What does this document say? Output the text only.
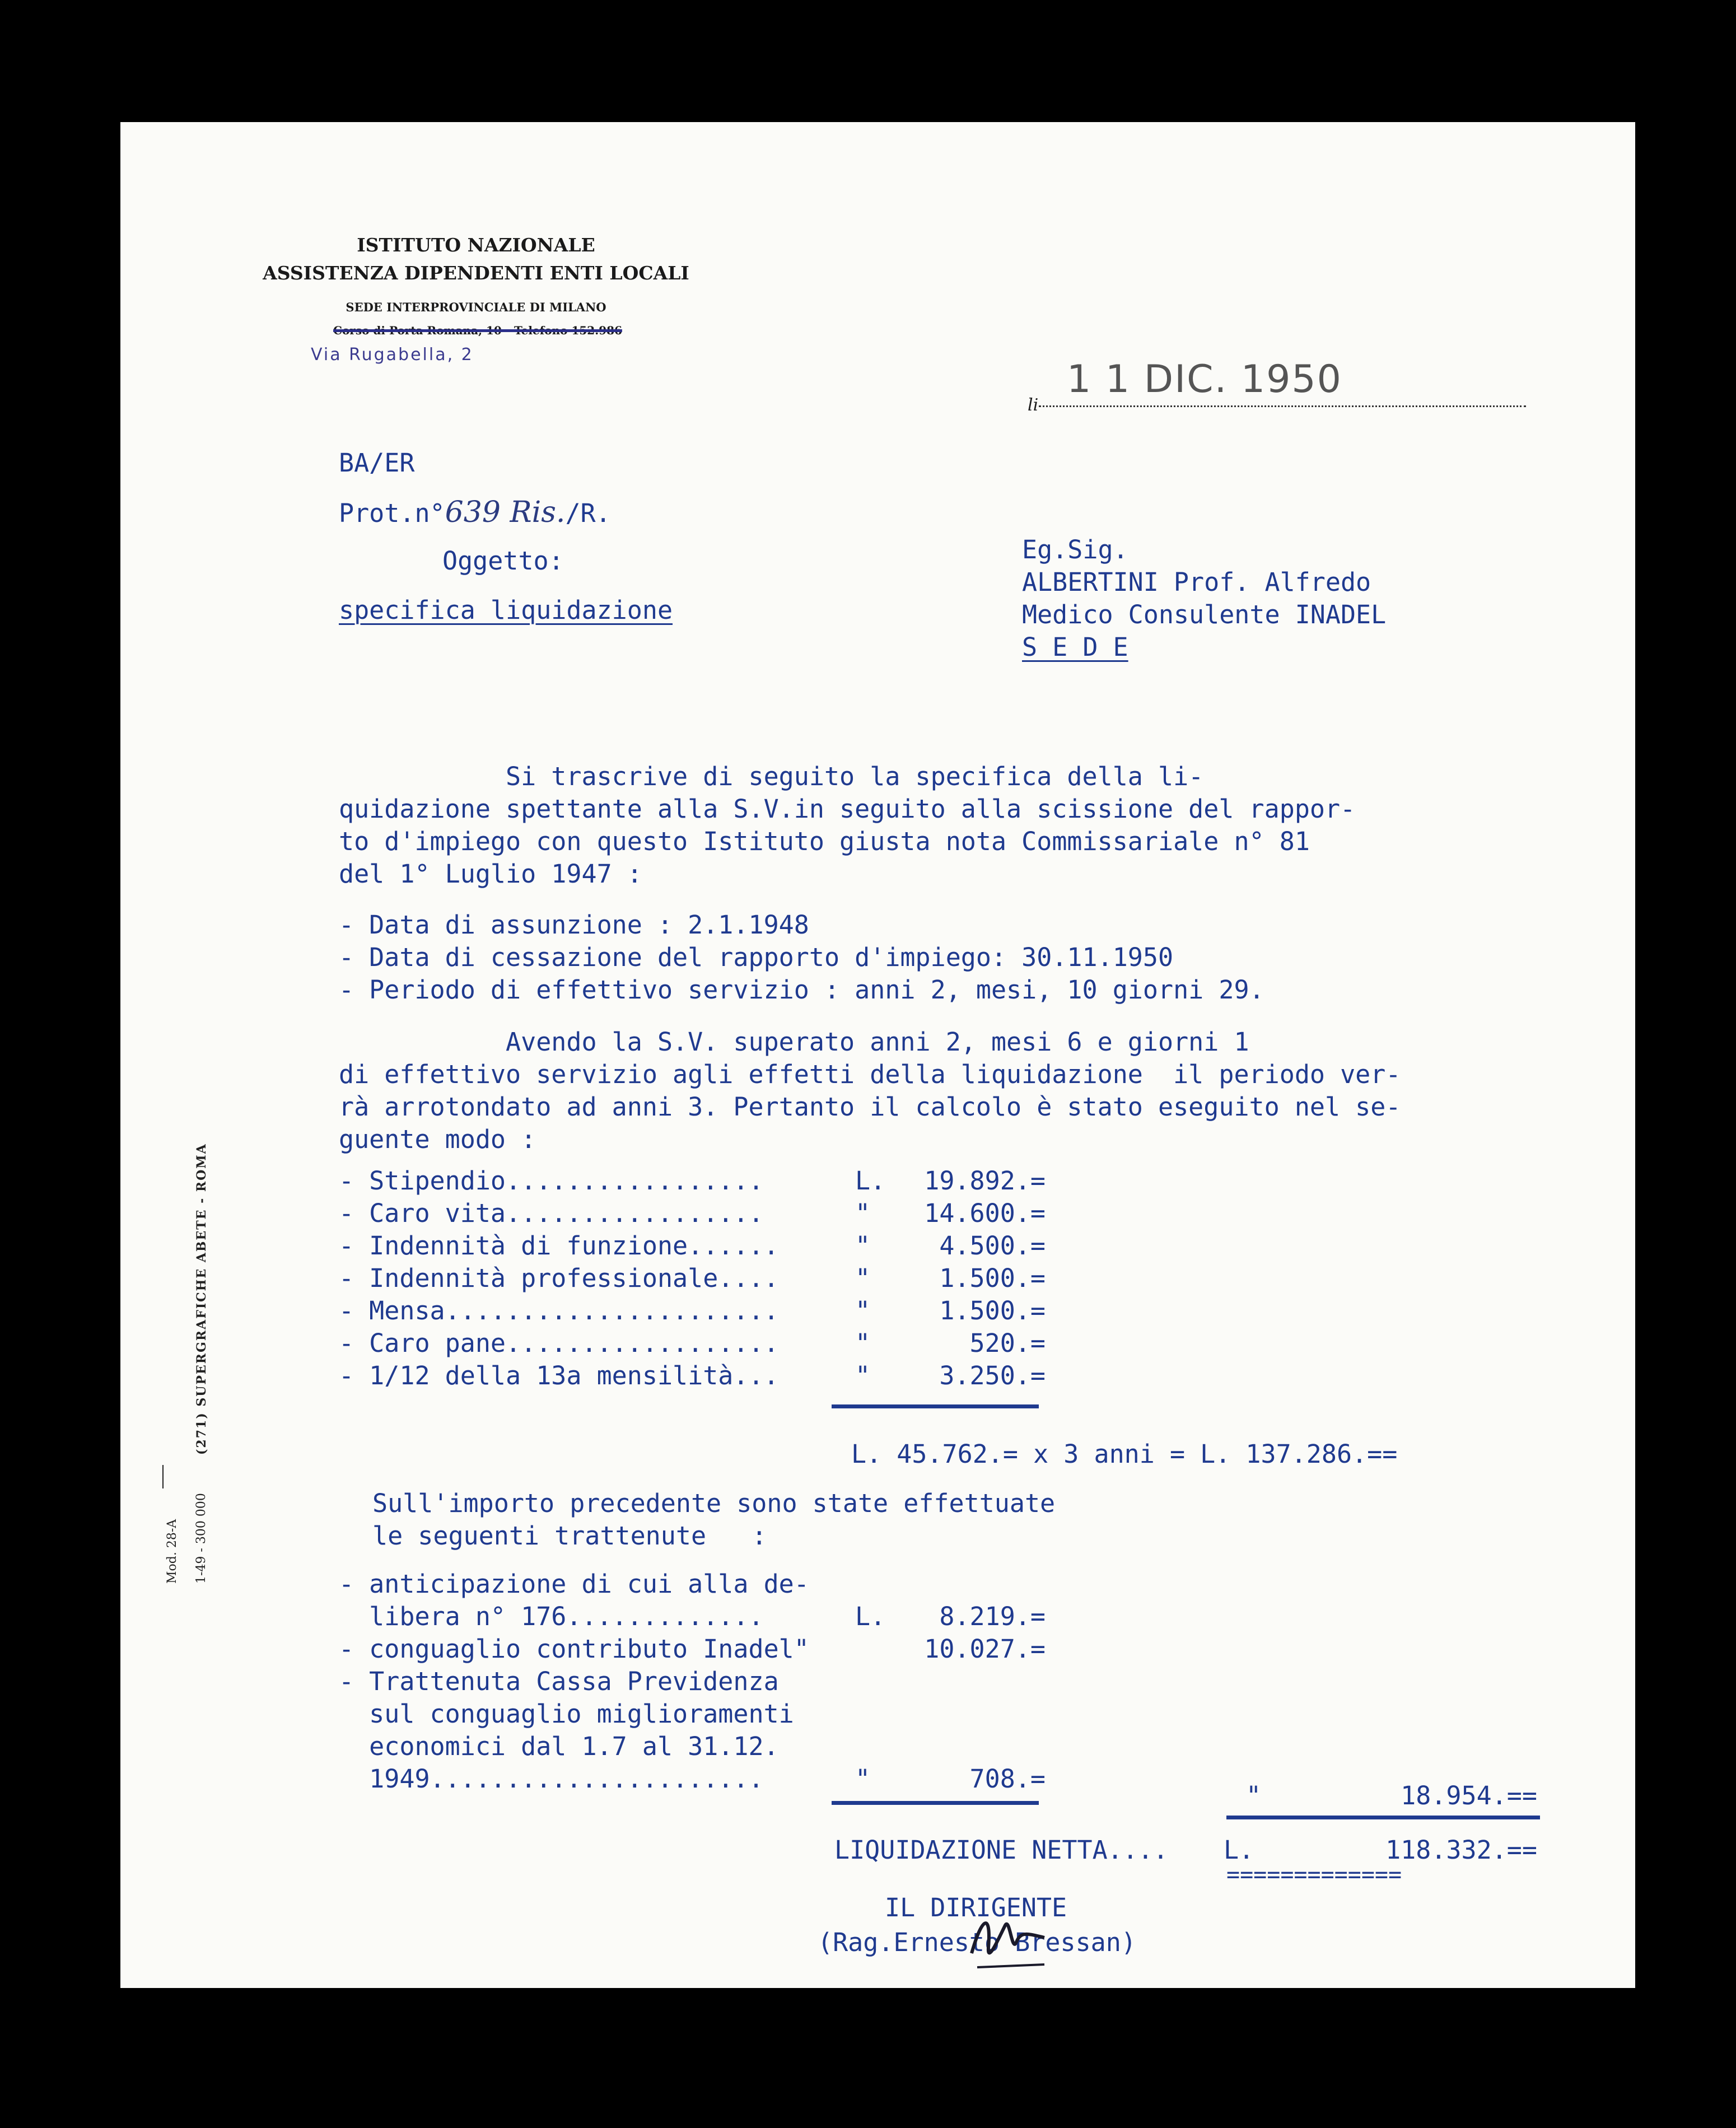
ISTITUTO NAZIONALE
ASSISTENZA DIPENDENTI ENTI LOCALI
SEDE INTERPROVINCIALE DI MILANO
Corso di Porta Romana, 10 - Telefono 152.986
Via Rugabella, 2
li
1 1 DIC. 1950
BA/ER
Prot.n°639 Ris./R.
Oggetto:
specifica liquidazione
Eg.Sig.
ALBERTINI Prof. Alfredo
Medico Consulente INADEL
S E D E
Si trascrive di seguito la specifica della li-
quidazione spettante alla S.V.in seguito alla scissione del rappor-
to d'impiego con questo Istituto giusta nota Commissariale n° 81
del 1° Luglio 1947 :
- Data di assunzione : 2.1.1948
- Data di cessazione del rapporto d'impiego: 30.11.1950
- Periodo di effettivo servizio : anni 2, mesi, 10 giorni 29.
Avendo la S.V. superato anni 2, mesi 6 e giorni 1
di effettivo servizio agli effetti della liquidazione  il periodo ver-
rà arrotondato ad anni 3. Pertanto il calcolo è stato eseguito nel se-
guente modo :
- Stipendio.................	L.	19.892.=
- Caro vita.................	"	14.600.=
- Indennità di funzione......	"	4.500.=
- Indennità professionale....	"	1.500.=
- Mensa......................	"	1.500.=
- Caro pane..................	"	520.=
- 1/12 della 13a mensilità...	"	3.250.=
L. 45.762.= x 3 anni = L. 137.286.==
Sull'importo precedente sono state effettuate
le seguenti trattenute   :
- anticipazione di cui alla de-
libera n° 176.............	L.	8.219.=
- conguaglio contributo Inadel"	10.027.=
- Trattenuta Cassa Previdenza
sul conguaglio miglioramenti
economici dal 1.7 al 31.12.
1949......................	"	708.=
"	18.954.==
LIQUIDAZIONE NETTA.... L.	118.332.==
=============
IL DIRIGENTE
(Rag.Ernesto Bressan)
Mod. 28-A 1-49 - 300 000
(271) SUPERGRAFICHE ABETE - ROMA
